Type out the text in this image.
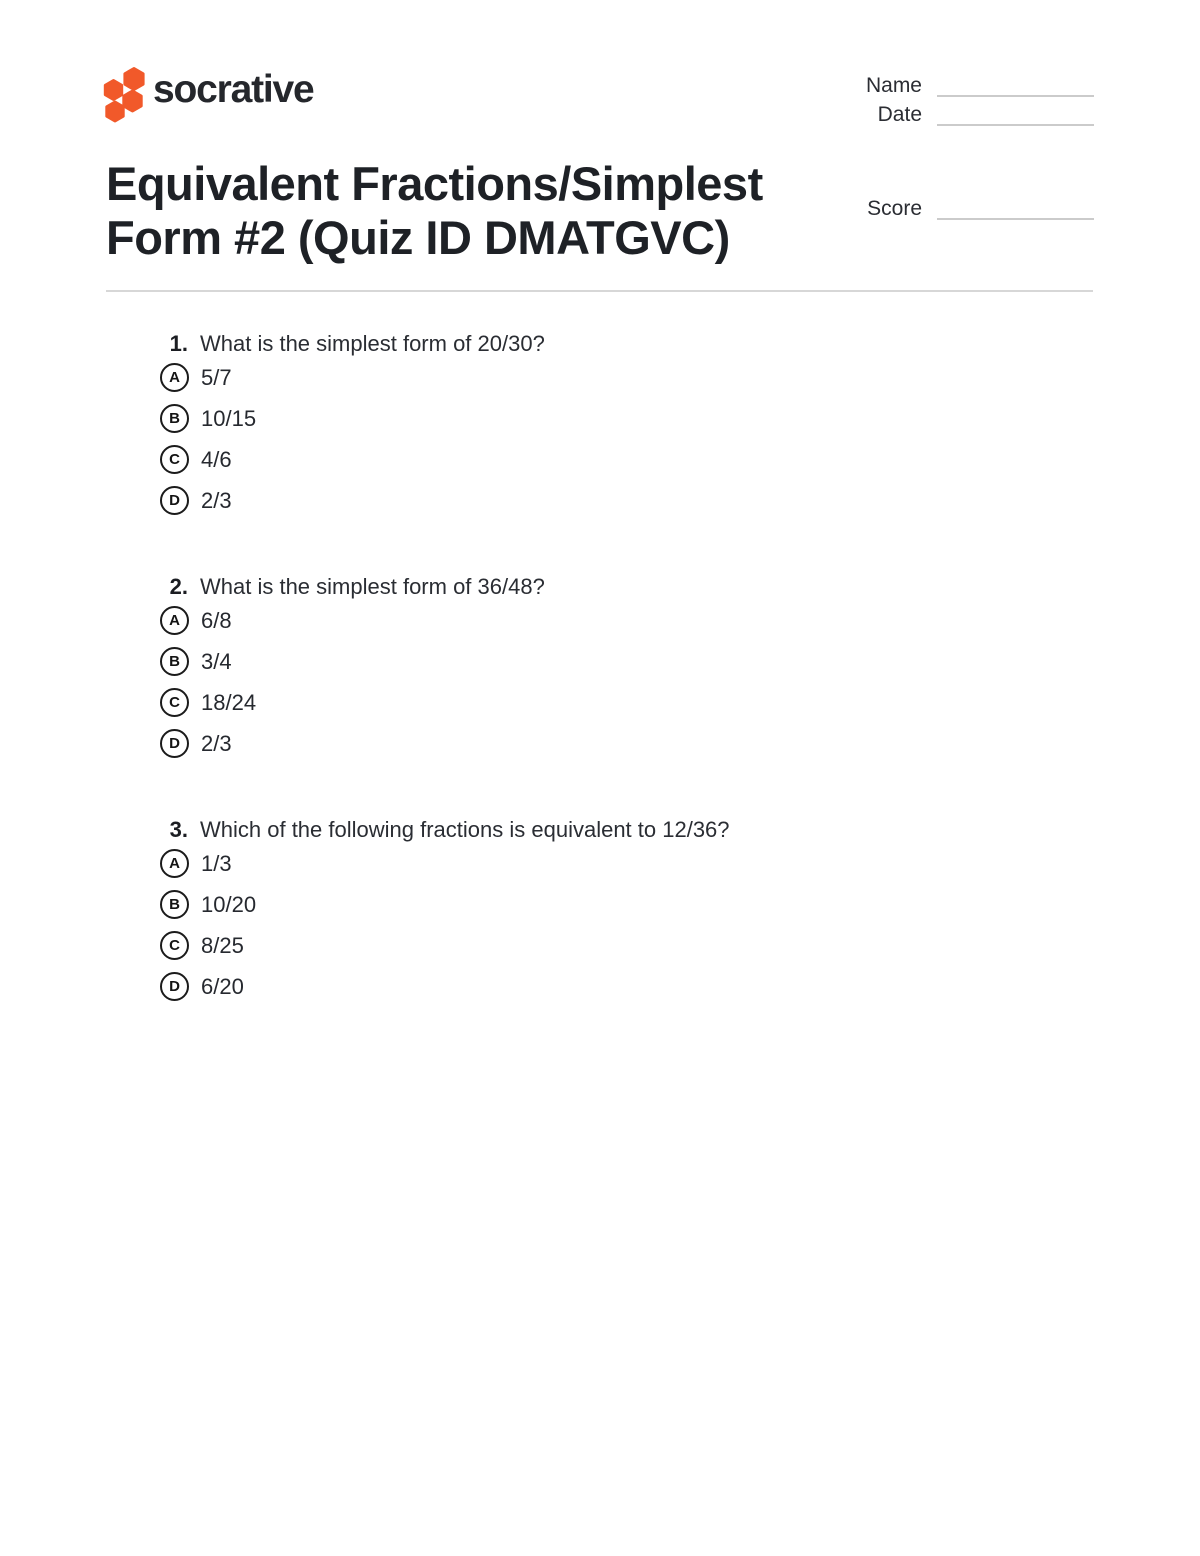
socrative	Name
Date
Equivalent Fractions/Simplest
Form #2 (Quiz ID DMATGVC)
Score
1. What is the simplest form of 20/30?
A 5/7
B 10/15
C 4/6
D 2/3
2. What is the simplest form of 36/48?
A 6/8
B 3/4
C 18/24
D 2/3
3. Which of the following fractions is equivalent to 12/36?
A 1/3
B 10/20
C 8/25
D 6/20
